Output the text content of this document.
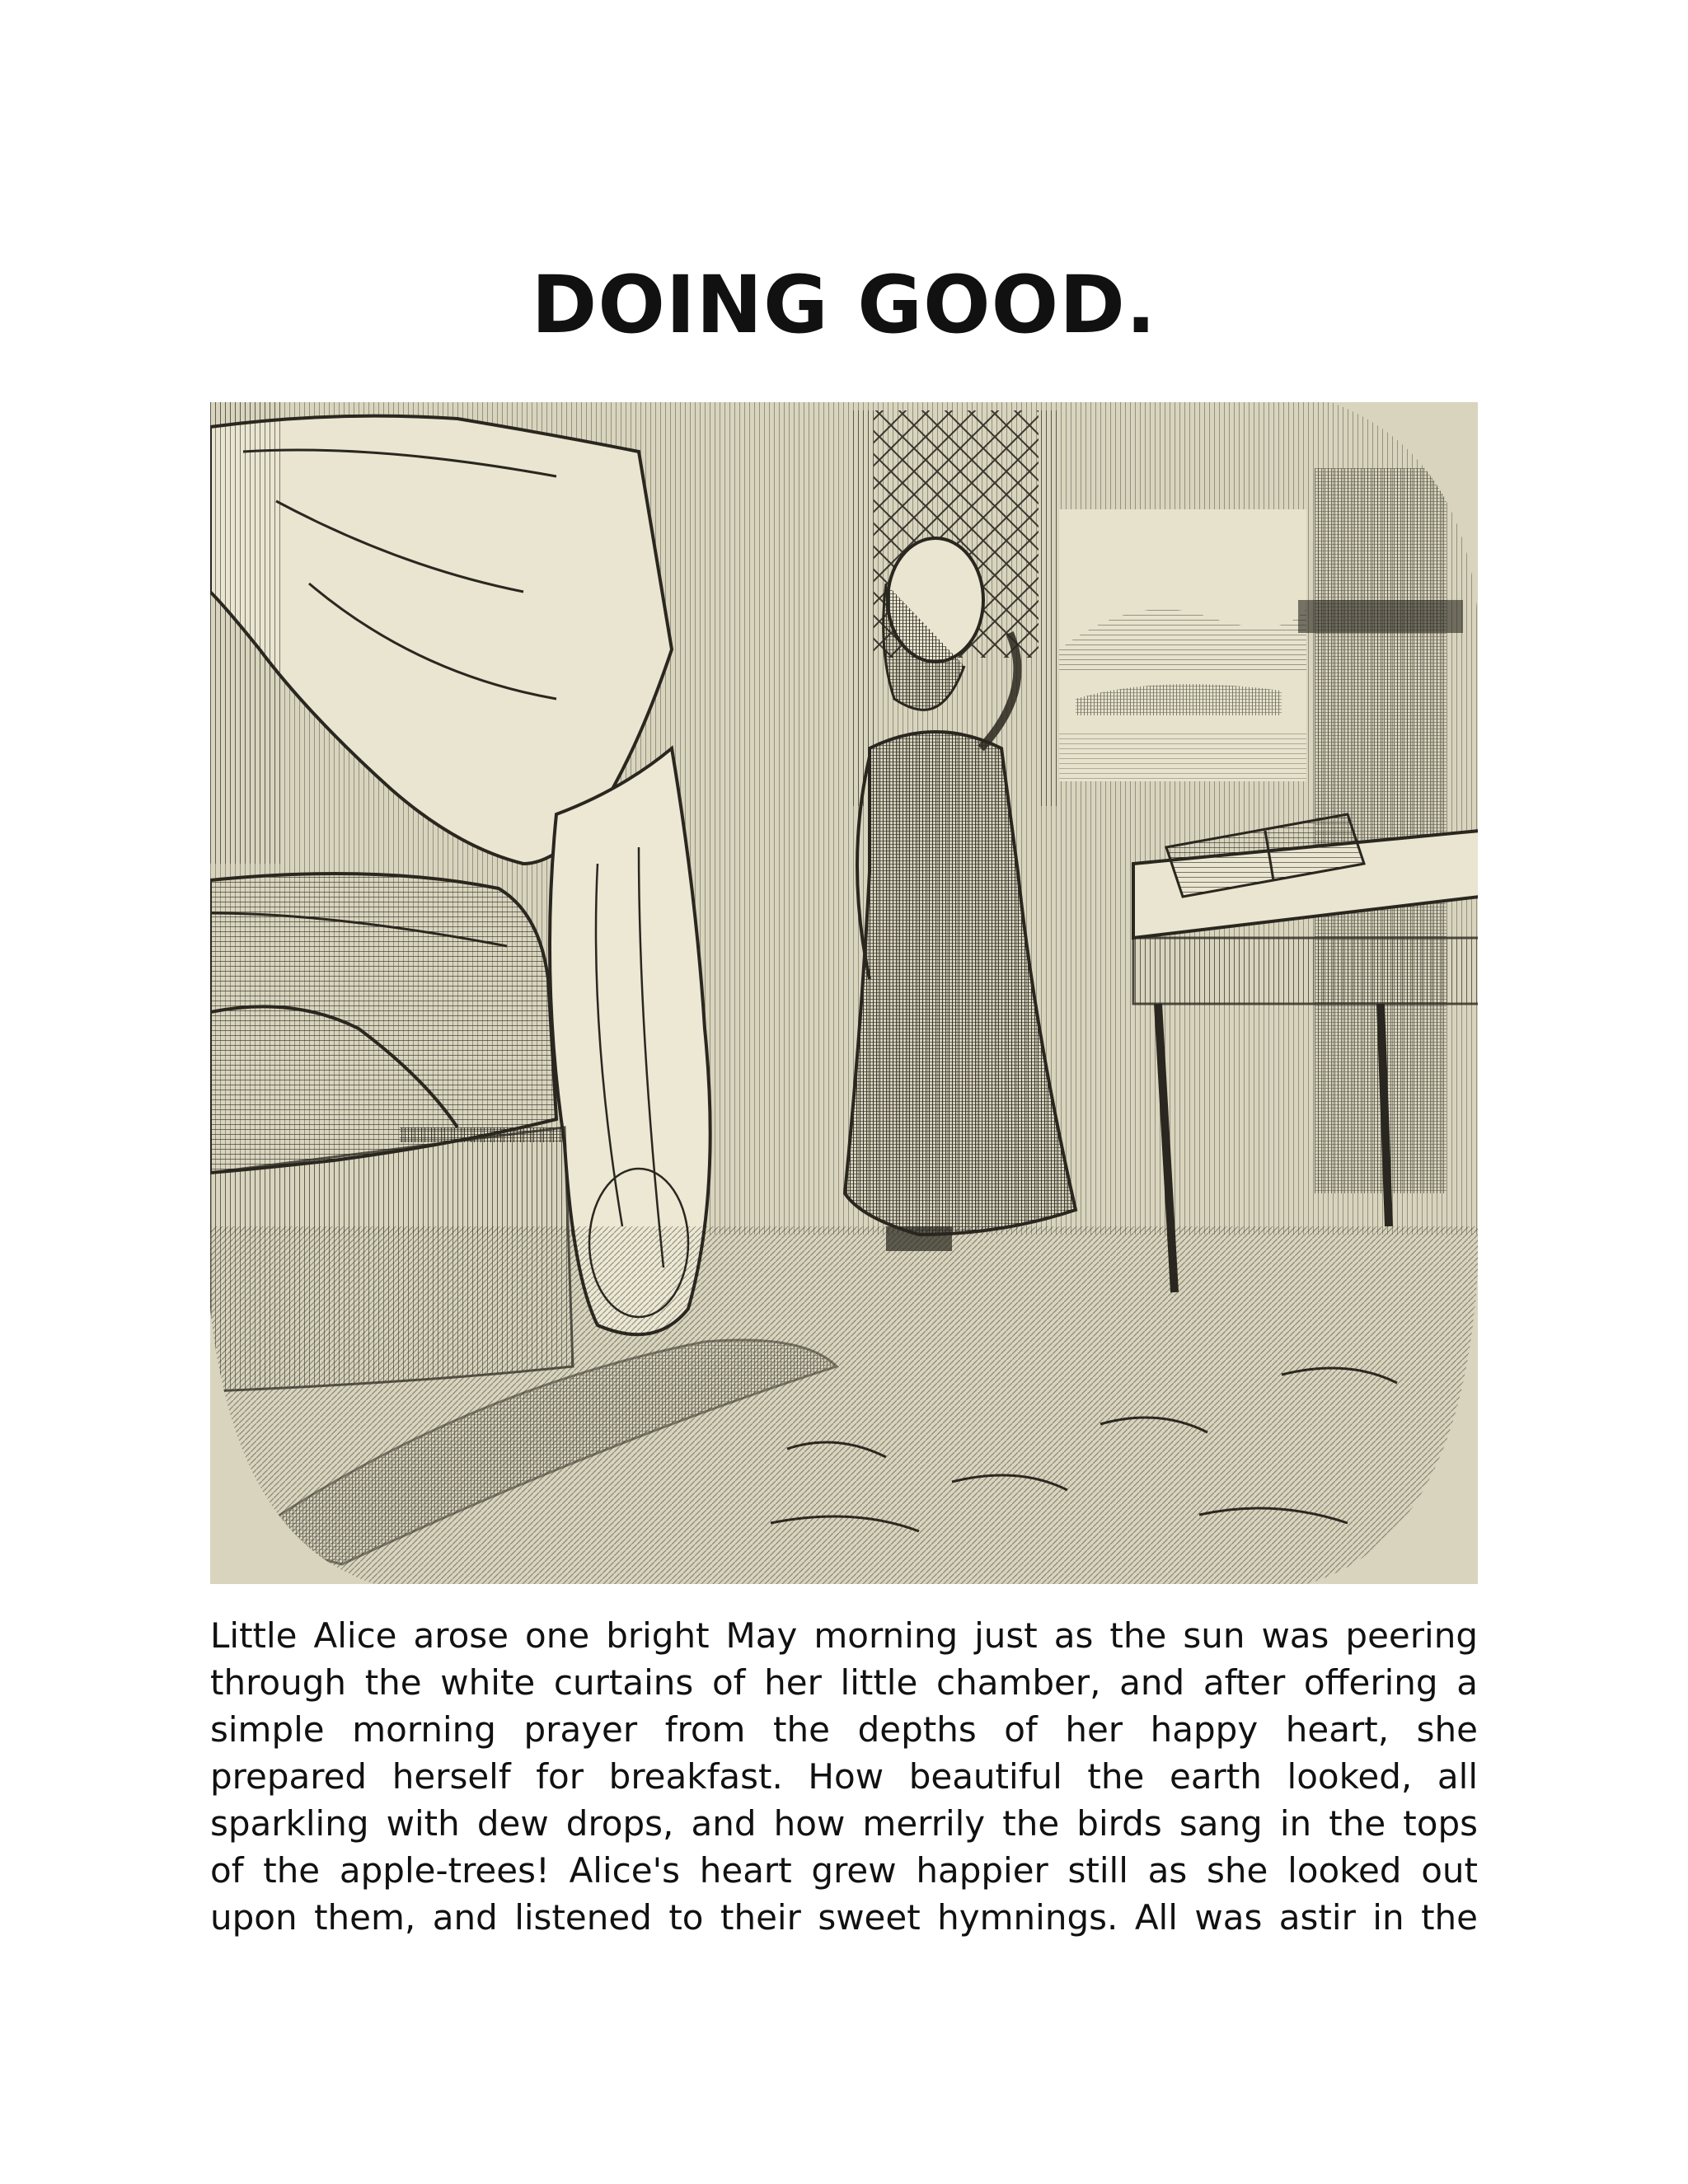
DOING GOOD.

Little Alice arose one bright May morning just as the sun was peering
through the white curtains of her little chamber, and after offering a
simple morning prayer from the depths of her happy heart, she
prepared herself for breakfast. How beautiful the earth looked, all
sparkling with dew drops, and how merrily the birds sang in the tops
of the apple-trees! Alice's heart grew happier still as she looked out
upon them, and listened to their sweet hymnings. All was astir in the
